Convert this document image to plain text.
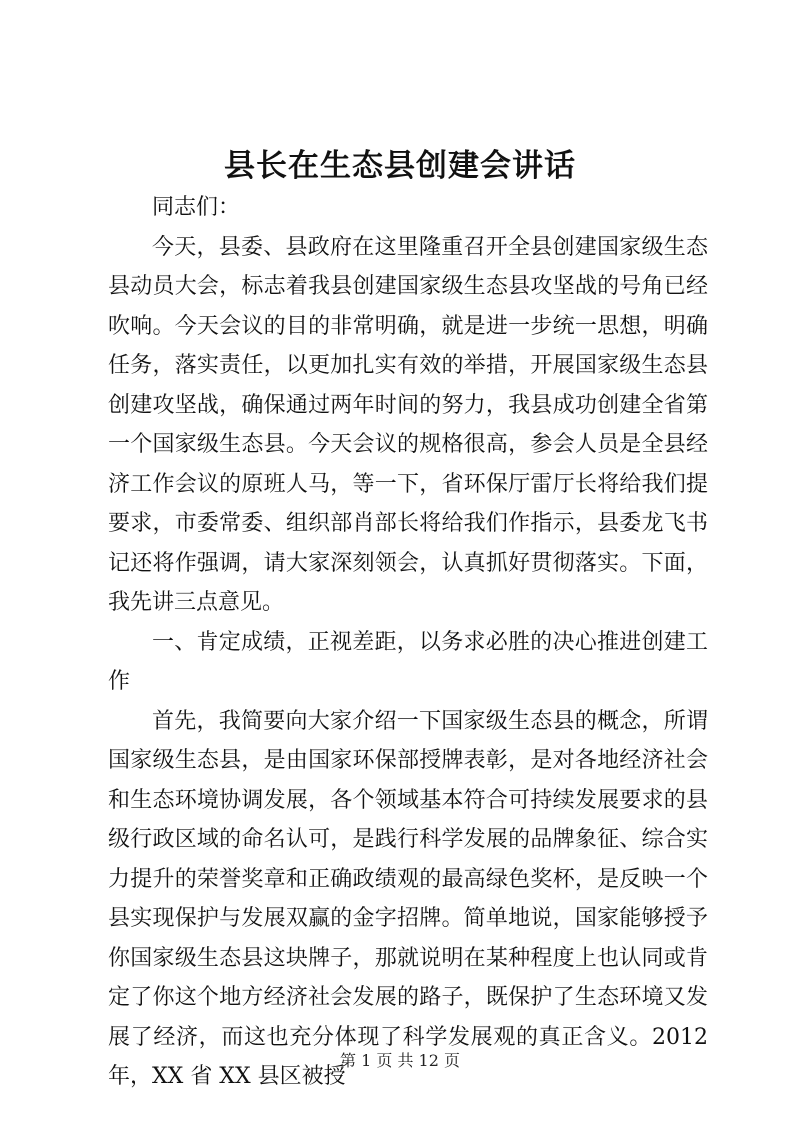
县长在生态县创建会讲话

同志们：

今天，县委、县政府在这里隆重召开全县创建国家级生态县动员大会，标志着我县创建国家级生态县攻坚战的号角已经吹响。今天会议的目的非常明确，就是进一步统一思想，明确任务，落实责任，以更加扎实有效的举措，开展国家级生态县创建攻坚战，确保通过两年时间的努力，我县成功创建全省第一个国家级生态县。今天会议的规格很高，参会人员是全县经济工作会议的原班人马，等一下，省环保厅雷厅长将给我们提要求，市委常委、组织部肖部长将给我们作指示，县委龙飞书记还将作强调，请大家深刻领会，认真抓好贯彻落实。下面，我先讲三点意见。

一、肯定成绩，正视差距，以务求必胜的决心推进创建工作

首先，我简要向大家介绍一下国家级生态县的概念，所谓国家级生态县，是由国家环保部授牌表彰，是对各地经济社会和生态环境协调发展，各个领域基本符合可持续发展要求的县级行政区域的命名认可，是践行科学发展的品牌象征、综合实力提升的荣誉奖章和正确政绩观的最高绿色奖杯，是反映一个县实现保护与发展双赢的金字招牌。简单地说，国家能够授予你国家级生态县这块牌子，那就说明在某种程度上也认同或肯定了你这个地方经济社会发展的路子，既保护了生态环境又发展了经济，而这也充分体现了科学发展观的真正含义。2012 年，XX 省 XX 县区被授

第 1 页 共 12 页
